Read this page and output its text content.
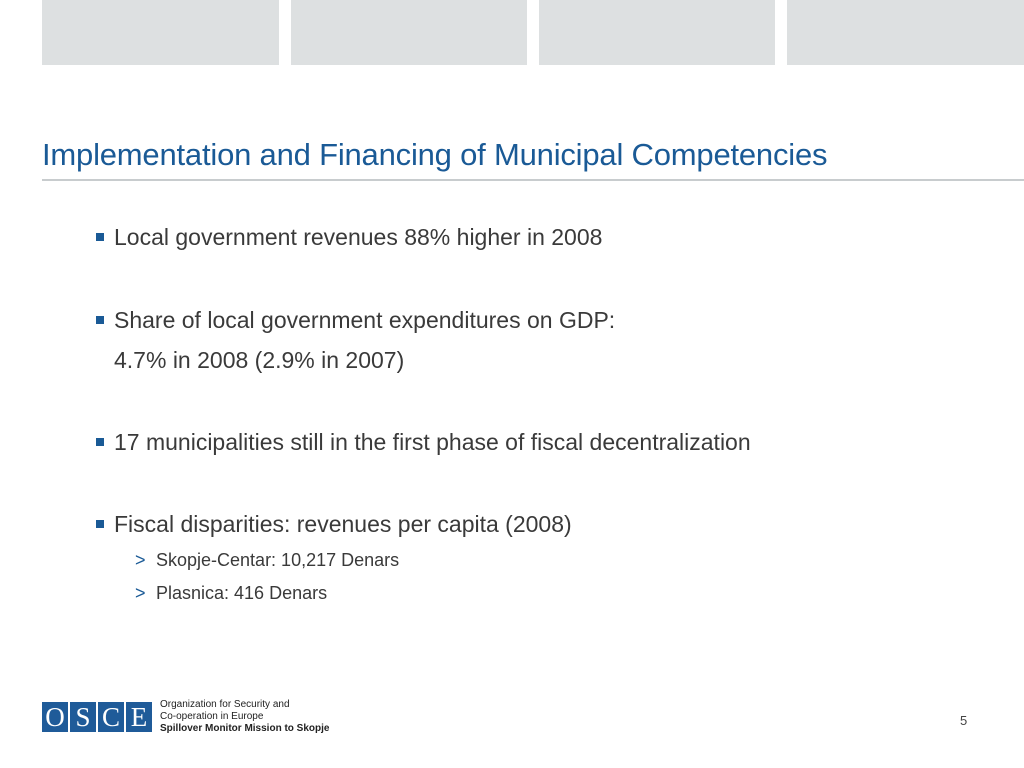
Implementation and Financing of Municipal Competencies
Local government revenues 88% higher in 2008
Share of local government expenditures on GDP:
4.7% in 2008 (2.9% in 2007)
17 municipalities still in the first phase of fiscal decentralization
Fiscal disparities: revenues per capita (2008)
> Skopje-Centar: 10,217 Denars
> Plasnica: 416 Denars
O S C E	Organization for Security and
Co-operation in Europe
Spillover Monitor Mission to Skopje
5
